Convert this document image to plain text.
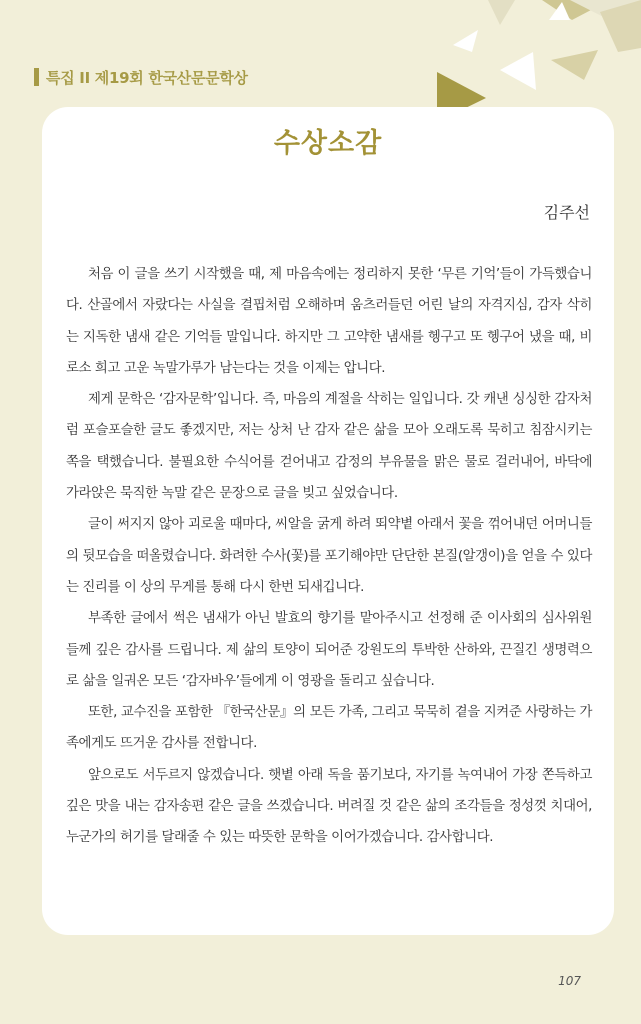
특집 II 제19회 한국산문문학상
수상소감
김주선

처음 이 글을 쓰기 시작했을 때, 제 마음속에는 정리하지 못한 ‘무른 기억’들이 가득했습니다. 산골에서 자랐다는 사실을 결핍처럼 오해하며 움츠러들던 어린 날의 자격지심, 감자 삭히는 지독한 냄새 같은 기억들 말입니다. 하지만 그 고약한 냄새를 헹구고 또 헹구어 냈을 때, 비로소 희고 고운 녹말가루가 남는다는 것을 이제는 압니다.

제게 문학은 ‘감자문학’입니다. 즉, 마음의 계절을 삭히는 일입니다. 갓 캐낸 싱싱한 감자처럼 포슬포슬한 글도 좋겠지만, 저는 상처 난 감자 같은 삶을 모아 오래도록 묵히고 침잠시키는 쪽을 택했습니다. 불필요한 수식어를 걷어내고 감정의 부유물을 맑은 물로 걸러내어, 바닥에 가라앉은 묵직한 녹말 같은 문장으로 글을 빚고 싶었습니다.

글이 써지지 않아 괴로울 때마다, 씨알을 굵게 하려 뙤약볕 아래서 꽃을 꺾어내던 어머니들의 뒷모습을 떠올렸습니다. 화려한 수사(꽃)를 포기해야만 단단한 본질(알갱이)을 얻을 수 있다는 진리를 이 상의 무게를 통해 다시 한번 되새깁니다.

부족한 글에서 썩은 냄새가 아닌 발효의 향기를 맡아주시고 선정해 준 이사회의 심사위원들께 깊은 감사를 드립니다. 제 삶의 토양이 되어준 강원도의 투박한 산하와, 끈질긴 생명력으로 삶을 일궈온 모든 ‘감자바우’들에게 이 영광을 돌리고 싶습니다.

또한, 교수진을 포함한 『한국산문』의 모든 가족, 그리고 묵묵히 곁을 지켜준 사랑하는 가족에게도 뜨거운 감사를 전합니다.

앞으로도 서두르지 않겠습니다. 햇볕 아래 독을 품기보다, 자기를 녹여내어 가장 쫀득하고 깊은 맛을 내는 감자송편 같은 글을 쓰겠습니다. 버려질 것 같은 삶의 조각들을 정성껏 치대어, 누군가의 허기를 달래줄 수 있는 따뜻한 문학을 이어가겠습니다. 감사합니다.

107
